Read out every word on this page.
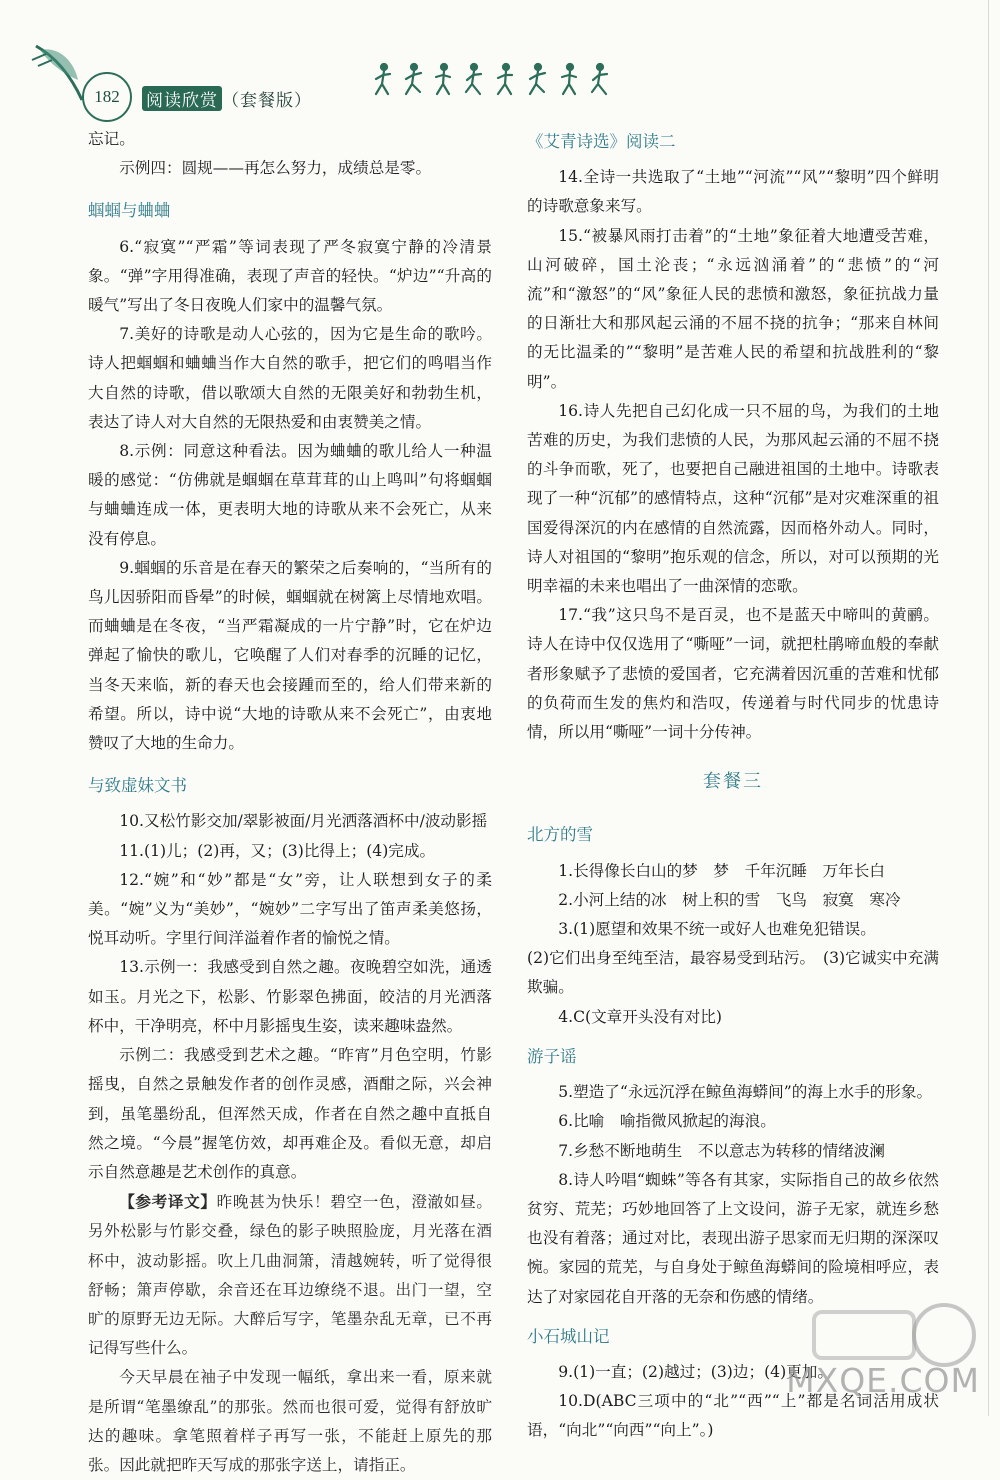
182	阅读欣赏 （套餐版）

忘记。

示例四：圆规——再怎么努力，成绩总是零。

蝈蝈与蛐蛐

6.“寂寞”“严霜”等词表现了严冬寂寞宁静的冷清景象。“弹”字用得准确，表现了声音的轻快。“炉边”“升高的暖气”写出了冬日夜晚人们家中的温馨气氛。

7.美好的诗歌是动人心弦的，因为它是生命的歌吟。诗人把蝈蝈和蛐蛐当作大自然的歌手，把它们的鸣唱当作大自然的诗歌，借以歌颂大自然的无限美好和勃勃生机，表达了诗人对大自然的无限热爱和由衷赞美之情。

8.示例：同意这种看法。因为蛐蛐的歌儿给人一种温暖的感觉：“仿佛就是蝈蝈在草茸茸的山上鸣叫”句将蝈蝈与蛐蛐连成一体，更表明大地的诗歌从来不会死亡，从来没有停息。

9.蝈蝈的乐音是在春天的繁荣之后奏响的，“当所有的鸟儿因骄阳而昏晕”的时候，蝈蝈就在树篱上尽情地欢唱。而蛐蛐是在冬夜，“当严霜凝成的一片宁静”时，它在炉边弹起了愉快的歌儿，它唤醒了人们对春季的沉睡的记忆，当冬天来临，新的春天也会接踵而至的，给人们带来新的希望。所以，诗中说“大地的诗歌从来不会死亡”，由衷地赞叹了大地的生命力。

与致虚妹文书

10.又松竹影交加/翠影被面/月光洒落酒杯中/波动影摇

11.(1)儿；(2)再，又；(3)比得上；(4)完成。

12.“婉”和“妙”都是“女”旁，让人联想到女子的柔美。“婉”义为“美妙”，“婉妙”二字写出了笛声柔美悠扬，悦耳动听。字里行间洋溢着作者的愉悦之情。

13.示例一：我感受到自然之趣。夜晚碧空如洗，通透如玉。月光之下，松影、竹影翠色拂面，皎洁的月光洒落杯中，干净明亮，杯中月影摇曳生姿，读来趣味盎然。

示例二：我感受到艺术之趣。“昨宵”月色空明，竹影摇曳，自然之景触发作者的创作灵感，酒酣之际，兴会神到，虽笔墨纷乱，但浑然天成，作者在自然之趣中直抵自然之境。“今晨”握笔仿效，却再难企及。看似无意，却启示自然意趣是艺术创作的真意。

【参考译文】昨晚甚为快乐！碧空一色，澄澈如昼。另外松影与竹影交叠，绿色的影子映照脸庞，月光落在酒杯中，波动影摇。吹上几曲洞箫，清越婉转，听了觉得很舒畅；箫声停歇，余音还在耳边缭绕不退。出门一望，空旷的原野无边无际。大醉后写字，笔墨杂乱无章，已不再记得写些什么。

今天早晨在袖子中发现一幅纸，拿出来一看，原来就是所谓“笔墨缭乱”的那张。然而也很可爱，觉得有舒放旷达的趣味。拿笔照着样子再写一张，不能赶上原先的那张。因此就把昨天写成的那张字送上，请指正。

《艾青诗选》阅读二

14.全诗一共选取了“土地”“河流”“风”“黎明”四个鲜明的诗歌意象来写。

15.“被暴风雨打击着”的“土地”象征着大地遭受苦难，山河破碎，国土沦丧；“永远汹涌着”的“悲愤”的“河流”和“激怒”的“风”象征人民的悲愤和激怒，象征抗战力量的日渐壮大和那风起云涌的不屈不挠的抗争；“那来自林间的无比温柔的”“黎明”是苦难人民的希望和抗战胜利的“黎明”。

16.诗人先把自己幻化成一只不屈的鸟，为我们的土地苦难的历史，为我们悲愤的人民，为那风起云涌的不屈不挠的斗争而歌，死了，也要把自己融进祖国的土地中。诗歌表现了一种“沉郁”的感情特点，这种“沉郁”是对灾难深重的祖国爱得深沉的内在感情的自然流露，因而格外动人。同时，诗人对祖国的“黎明”抱乐观的信念，所以，对可以预期的光明幸福的未来也唱出了一曲深情的恋歌。

17.“我”这只鸟不是百灵，也不是蓝天中啼叫的黄鹂。诗人在诗中仅仅选用了“嘶哑”一词，就把杜鹃啼血般的奉献者形象赋予了悲愤的爱国者，它充满着因沉重的苦难和忧郁的负荷而生发的焦灼和浩叹，传递着与时代同步的忧患诗情，所以用“嘶哑”一词十分传神。

套餐三

北方的雪

1.长得像长白山的梦　梦　千年沉睡　万年长白

2.小河上结的冰　树上积的雪　飞鸟　寂寞　寒冷

3.(1)愿望和效果不统一或好人也难免犯错误。

(2)它们出身至纯至洁，最容易受到玷污。　(3)它诚实中充满欺骗。

4.C(文章开头没有对比)

游子谣

5.塑造了“永远沉浮在鲸鱼海蟒间”的海上水手的形象。

6.比喻　喻指微风掀起的海浪。

7.乡愁不断地萌生　不以意志为转移的情绪波澜

8.诗人吟唱“蜘蛛”等各有其家，实际指自己的故乡依然贫穷、荒芜；巧妙地回答了上文设问，游子无家，就连乡愁也没有着落；通过对比，表现出游子思家而无归期的深深叹惋。家园的荒芜，与自身处于鲸鱼海蟒间的险境相呼应，表达了对家园花自开落的无奈和伤感的情绪。

小石城山记

9.(1)一直；(2)越过；(3)边；(4)更加。

10.D(ABC三项中的“北”“西”“上”都是名词活用成状语，“向北”“向西”“向上”。)

MXQE.COM
